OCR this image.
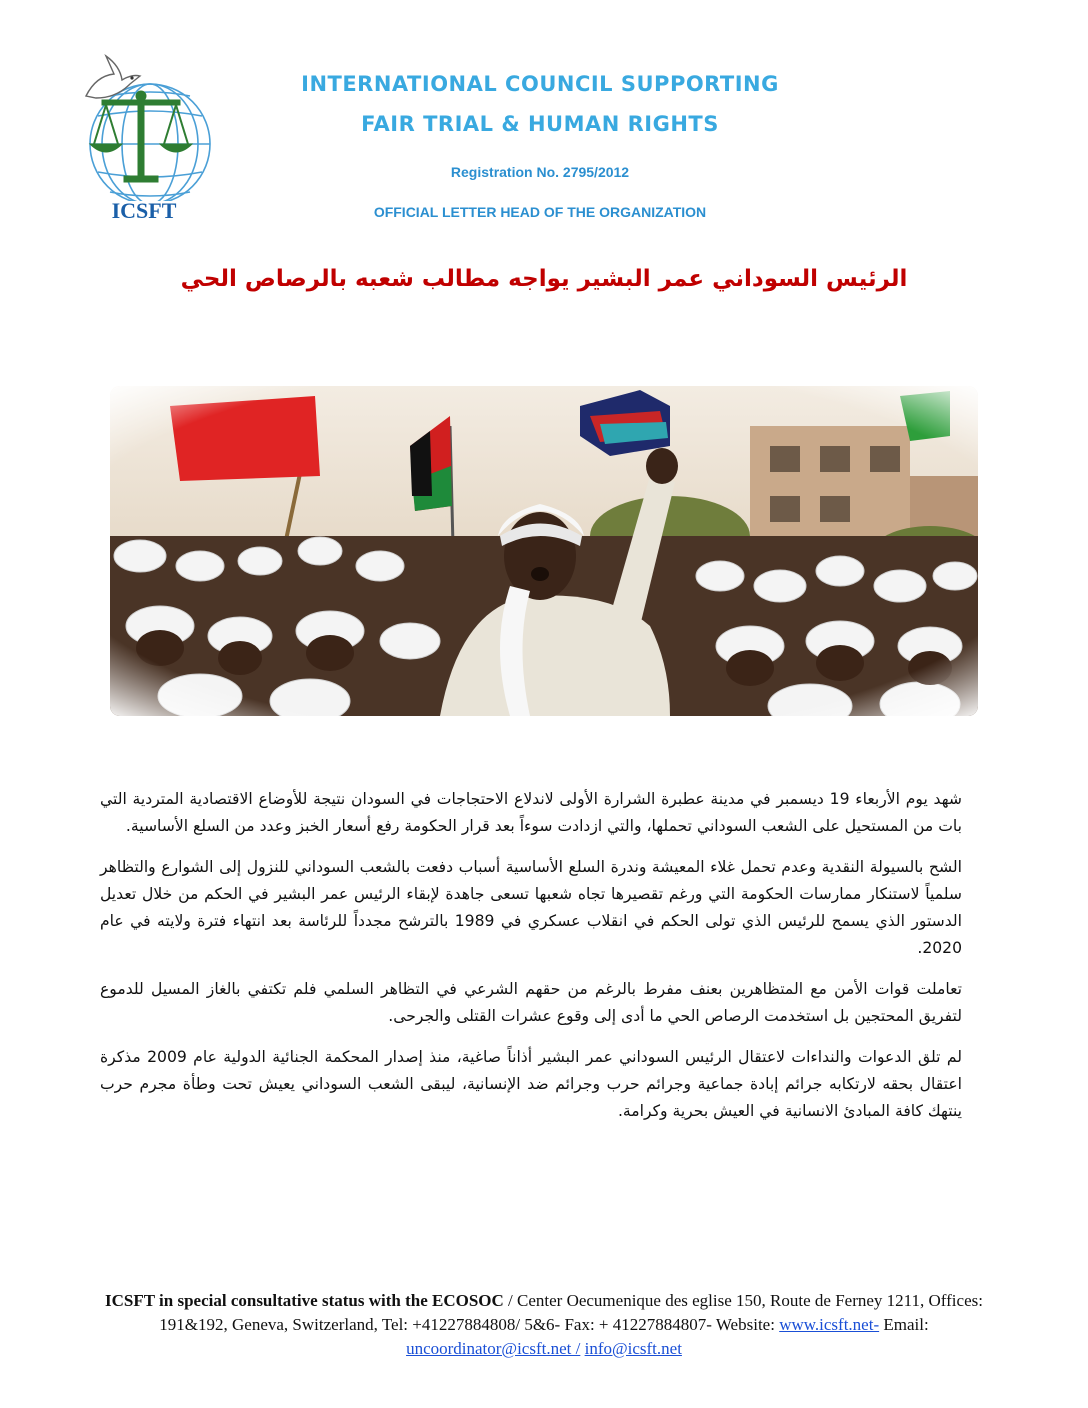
ICSFT
INTERNATIONAL COUNCIL SUPPORTING
FAIR TRIAL & HUMAN RIGHTS
Registration No. 2795/2012
OFFICIAL LETTER HEAD OF THE ORGANIZATION
الرئيس السوداني عمر البشير يواجه مطالب شعبه بالرصاص الحي

شهد يوم الأربعاء 19 ديسمبر في مدينة عطبرة الشرارة الأولى لاندلاع الاحتجاجات في السودان نتيجة للأوضاع الاقتصادية المتردية التي بات من المستحيل على الشعب السوداني تحملها، والتي ازدادت سوءاً بعد قرار الحكومة رفع أسعار الخبز وعدد من السلع الأساسية.

الشح بالسيولة النقدية وعدم تحمل غلاء المعيشة وندرة السلع الأساسية أسباب دفعت بالشعب السوداني للنزول إلى الشوارع والتظاهر سلمياً لاستنكار ممارسات الحكومة التي ورغم تقصيرها تجاه شعبها تسعى جاهدة لإبقاء الرئيس عمر البشير في الحكم من خلال تعديل الدستور الذي يسمح للرئيس الذي تولى الحكم في انقلاب عسكري في 1989 بالترشح مجدداً للرئاسة بعد انتهاء فترة ولايته في عام 2020.

تعاملت قوات الأمن مع المتظاهرين بعنف مفرط بالرغم من حقهم الشرعي في التظاهر السلمي فلم تكتفي بالغاز المسيل للدموع لتفريق المحتجين بل استخدمت الرصاص الحي ما أدى إلى وقوع عشرات القتلى والجرحى.

لم تلق الدعوات والنداءات لاعتقال الرئيس السوداني عمر البشير أذاناً صاغية، منذ إصدار المحكمة الجنائية الدولية عام 2009 مذكرة اعتقال بحقه لارتكابه جرائم إبادة جماعية وجرائم حرب وجرائم ضد الإنسانية، ليبقى الشعب السوداني يعيش تحت وطأة مجرم حرب ينتهك كافة المبادئ الانسانية في العيش بحرية وكرامة.

ICSFT in special consultative status with the ECOSOC / Center Oecumenique des eglise 150, Route de Ferney 1211, Offices: 191&192, Geneva, Switzerland, Tel: +41227884808/ 5&6- Fax: + 41227884807- Website: www.icsft.net- Email: uncoordinator@icsft.net / info@icsft.net
